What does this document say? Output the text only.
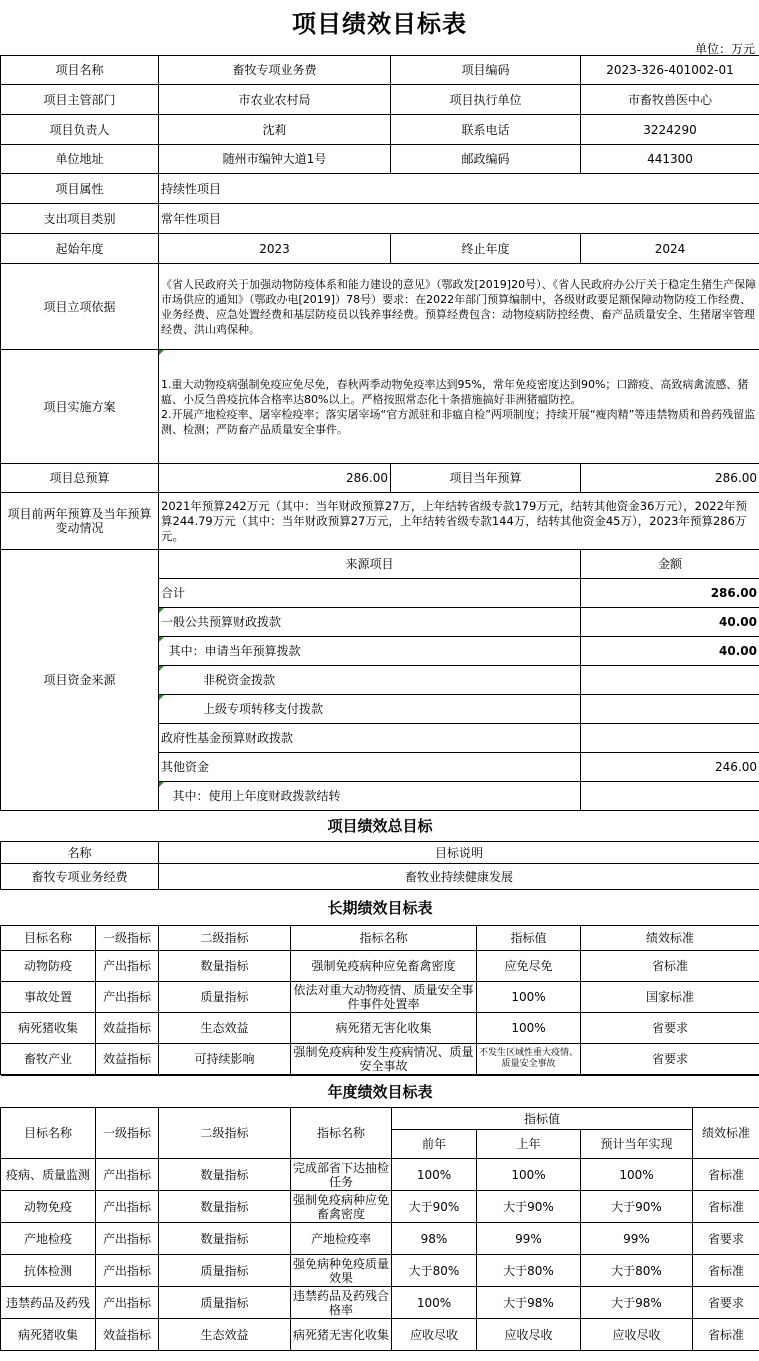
项目绩效目标表
单位：万元
项目名称	畜牧专项业务费	项目编码	2023-326-401002-01
项目主管部门	市农业农村局	项目执行单位	市畜牧兽医中心
项目负责人	沈莉	联系电话	3224290
单位地址	随州市编钟大道1号	邮政编码	441300
项目属性	持续性项目		
支出项目类别	常年性项目		
起始年度	2023	终止年度	2024
项目立项依据	《省人民政府关于加强动物防疫体系和能力建设的意见》（鄂政发[2019]20号）、《省人民政府办公厅关于稳定生猪生产保障市场供应的通知》（鄂政办电[2019]）78号）要求：在2022年部门预算编制中，各级财政要足额保障动物防疫工作经费、业务经费、应急处置经费和基层防疫员以钱养事经费。预算经费包含：动物疫病防控经费、畜产品质量安全、生猪屠宰管理经费、洪山鸡保种。		
项目实施方案	1.重大动物疫病强制免疫应免尽免，春秋两季动物免疫率达到95%，常年免疫密度达到90%；口蹄疫、高致病禽流感、猪瘟、小反刍兽疫抗体合格率达80%以上。严格按照常态化十条措施搞好非洲猪瘟防控。
2.开展产地检疫率、屠宰检疫率；落实屠宰场“官方派驻和非瘟自检”两项制度；持续开展“瘦肉精”等违禁物质和兽药残留监测、检测；严防畜产品质量安全事件。		
项目总预算	286.00	项目当年预算	286.00
项目前两年预算及当年预算变动情况	2021年预算242万元（其中：当年财政预算27万，上年结转省级专款179万元，结转其他资金36万元），2022年预算244.79万元（其中：当年财政预算27万元，上年结转省级专款144万，结转其他资金45万），2023年预算286万元。		
项目资金来源	来源项目	金额
	合计	286.00
	一般公共预算财政拨款	40.00
	其中：申请当年预算拨款	40.00
	非税资金拨款	
	上级专项转移支付拨款	
	政府性基金预算财政拨款	
	其他资金	246.00
	其中：使用上年度财政拨款结转	
项目绩效总目标	
名称	目标说明
畜牧专项业务经费	畜牧业持续健康发展
长期绩效目标表					
目标名称	一级指标	二级指标	指标名称	指标值	绩效标准
动物防疫	产出指标	数量指标	强制免疫病种应免畜禽密度	应免尽免	省标准
事故处置	产出指标	质量指标	依法对重大动物疫情、质量安全事件事件处置率	100%	国家标准
病死猪收集	效益指标	生态效益	病死猪无害化收集	100%	省要求
畜牧产业	效益指标	可持续影响	强制免疫病种发生疫病情况、质量安全事故	不发生区域性重大疫情、质量安全事故	省要求
年度绩效目标表							
目标名称	一级指标	二级指标	指标名称	指标值			绩效标准
				前年	上年	预计当年实现	
疫病、质量监测	产出指标	数量指标	完成部省下达抽检任务	100%	100%	100%	省标准
动物免疫	产出指标	数量指标	强制免疫病种应免畜禽密度	大于90%	大于90%	大于90%	省标准
产地检疫	产出指标	数量指标	产地检疫率	98%	99%	99%	省要求
抗体检测	产出指标	质量指标	强免病种免疫质量效果	大于80%	大于80%	大于80%	省标准
违禁药品及药残	产出指标	质量指标	违禁药品及药残合格率	100%	大于98%	大于98%	省要求
病死猪收集	效益指标	生态效益	病死猪无害化收集	应收尽收	应收尽收	应收尽收	省标准
